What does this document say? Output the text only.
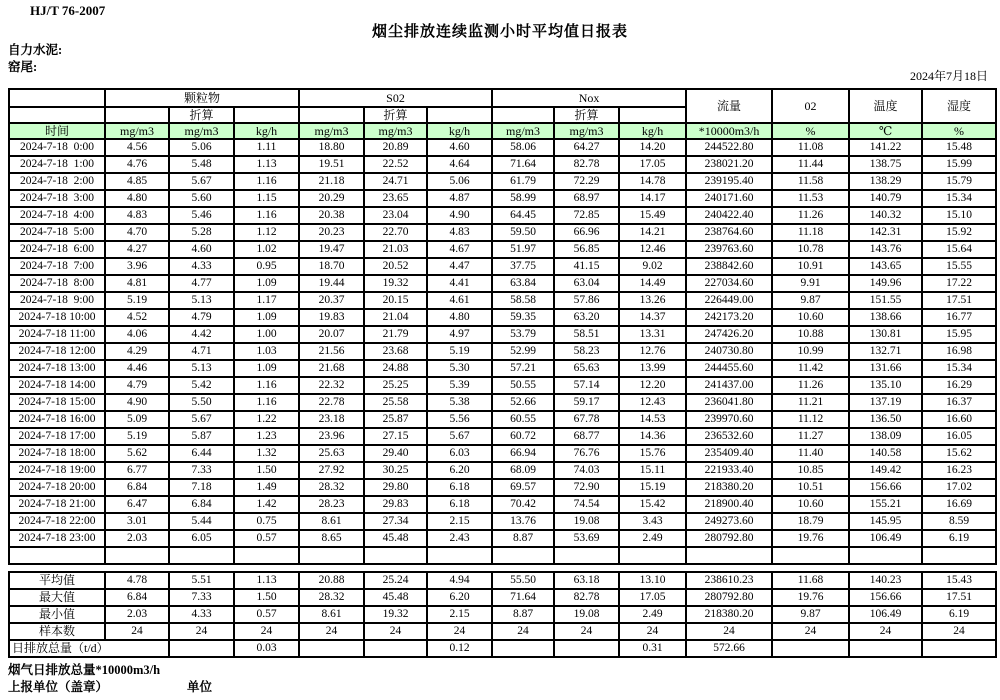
HJ/T 76-2007
烟尘排放连续监测小时平均值日报表
自力水泥:
窑尾:
2024年7月18日
	颗粒物			S02			Nox			流量	02	温度	湿度
		折算			折算			折算					
时间	mg/m3	mg/m3	kg/h	mg/m3	mg/m3	kg/h	mg/m3	mg/m3	kg/h	*10000m3/h	%	℃	%
2024-7-18  0:00	4.56	5.06	1.11	18.80	20.89	4.60	58.06	64.27	14.20	244522.80	11.08	141.22	15.48
2024-7-18  1:00	4.76	5.48	1.13	19.51	22.52	4.64	71.64	82.78	17.05	238021.20	11.44	138.75	15.99
2024-7-18  2:00	4.85	5.67	1.16	21.18	24.71	5.06	61.79	72.29	14.78	239195.40	11.58	138.29	15.79
2024-7-18  3:00	4.80	5.60	1.15	20.29	23.65	4.87	58.99	68.97	14.17	240171.60	11.53	140.79	15.34
2024-7-18  4:00	4.83	5.46	1.16	20.38	23.04	4.90	64.45	72.85	15.49	240422.40	11.26	140.32	15.10
2024-7-18  5:00	4.70	5.28	1.12	20.23	22.70	4.83	59.50	66.96	14.21	238764.60	11.18	142.31	15.92
2024-7-18  6:00	4.27	4.60	1.02	19.47	21.03	4.67	51.97	56.85	12.46	239763.60	10.78	143.76	15.64
2024-7-18  7:00	3.96	4.33	0.95	18.70	20.52	4.47	37.75	41.15	9.02	238842.60	10.91	143.65	15.55
2024-7-18  8:00	4.81	4.77	1.09	19.44	19.32	4.41	63.84	63.04	14.49	227034.60	9.91	149.96	17.22
2024-7-18  9:00	5.19	5.13	1.17	20.37	20.15	4.61	58.58	57.86	13.26	226449.00	9.87	151.55	17.51
2024-7-18 10:00	4.52	4.79	1.09	19.83	21.04	4.80	59.35	63.20	14.37	242173.20	10.60	138.66	16.77
2024-7-18 11:00	4.06	4.42	1.00	20.07	21.79	4.97	53.79	58.51	13.31	247426.20	10.88	130.81	15.95
2024-7-18 12:00	4.29	4.71	1.03	21.56	23.68	5.19	52.99	58.23	12.76	240730.80	10.99	132.71	16.98
2024-7-18 13:00	4.46	5.13	1.09	21.68	24.88	5.30	57.21	65.63	13.99	244455.60	11.42	131.66	15.34
2024-7-18 14:00	4.79	5.42	1.16	22.32	25.25	5.39	50.55	57.14	12.20	241437.00	11.26	135.10	16.29
2024-7-18 15:00	4.90	5.50	1.16	22.78	25.58	5.38	52.66	59.17	12.43	236041.80	11.21	137.19	16.37
2024-7-18 16:00	5.09	5.67	1.22	23.18	25.87	5.56	60.55	67.78	14.53	239970.60	11.12	136.50	16.60
2024-7-18 17:00	5.19	5.87	1.23	23.96	27.15	5.67	60.72	68.77	14.36	236532.60	11.27	138.09	16.05
2024-7-18 18:00	5.62	6.44	1.32	25.63	29.40	6.03	66.94	76.76	15.76	235409.40	11.40	140.58	15.62
2024-7-18 19:00	6.77	7.33	1.50	27.92	30.25	6.20	68.09	74.03	15.11	221933.40	10.85	149.42	16.23
2024-7-18 20:00	6.84	7.18	1.49	28.32	29.80	6.18	69.57	72.90	15.19	218380.20	10.51	156.66	17.02
2024-7-18 21:00	6.47	6.84	1.42	28.23	29.83	6.18	70.42	74.54	15.42	218900.40	10.60	155.21	16.69
2024-7-18 22:00	3.01	5.44	0.75	8.61	27.34	2.15	13.76	19.08	3.43	249273.60	18.79	145.95	8.59
2024-7-18 23:00	2.03	6.05	0.57	8.65	45.48	2.43	8.87	53.69	2.49	280792.80	19.76	106.49	6.19

平均值	4.78	5.51	1.13	20.88	25.24	4.94	55.50	63.18	13.10	238610.23	11.68	140.23	15.43
最大值	6.84	7.33	1.50	28.32	45.48	6.20	71.64	82.78	17.05	280792.80	19.76	156.66	17.51
最小值	2.03	4.33	0.57	8.61	19.32	2.15	8.87	19.08	2.49	218380.20	9.87	106.49	6.19
样本数	24	24	24	24	24	24	24	24	24	24	24	24	24
日排放总量（t/d）			0.03			0.12			0.31	572.66			
烟气日排放总量*10000m3/h
上报单位（盖章）	单位
